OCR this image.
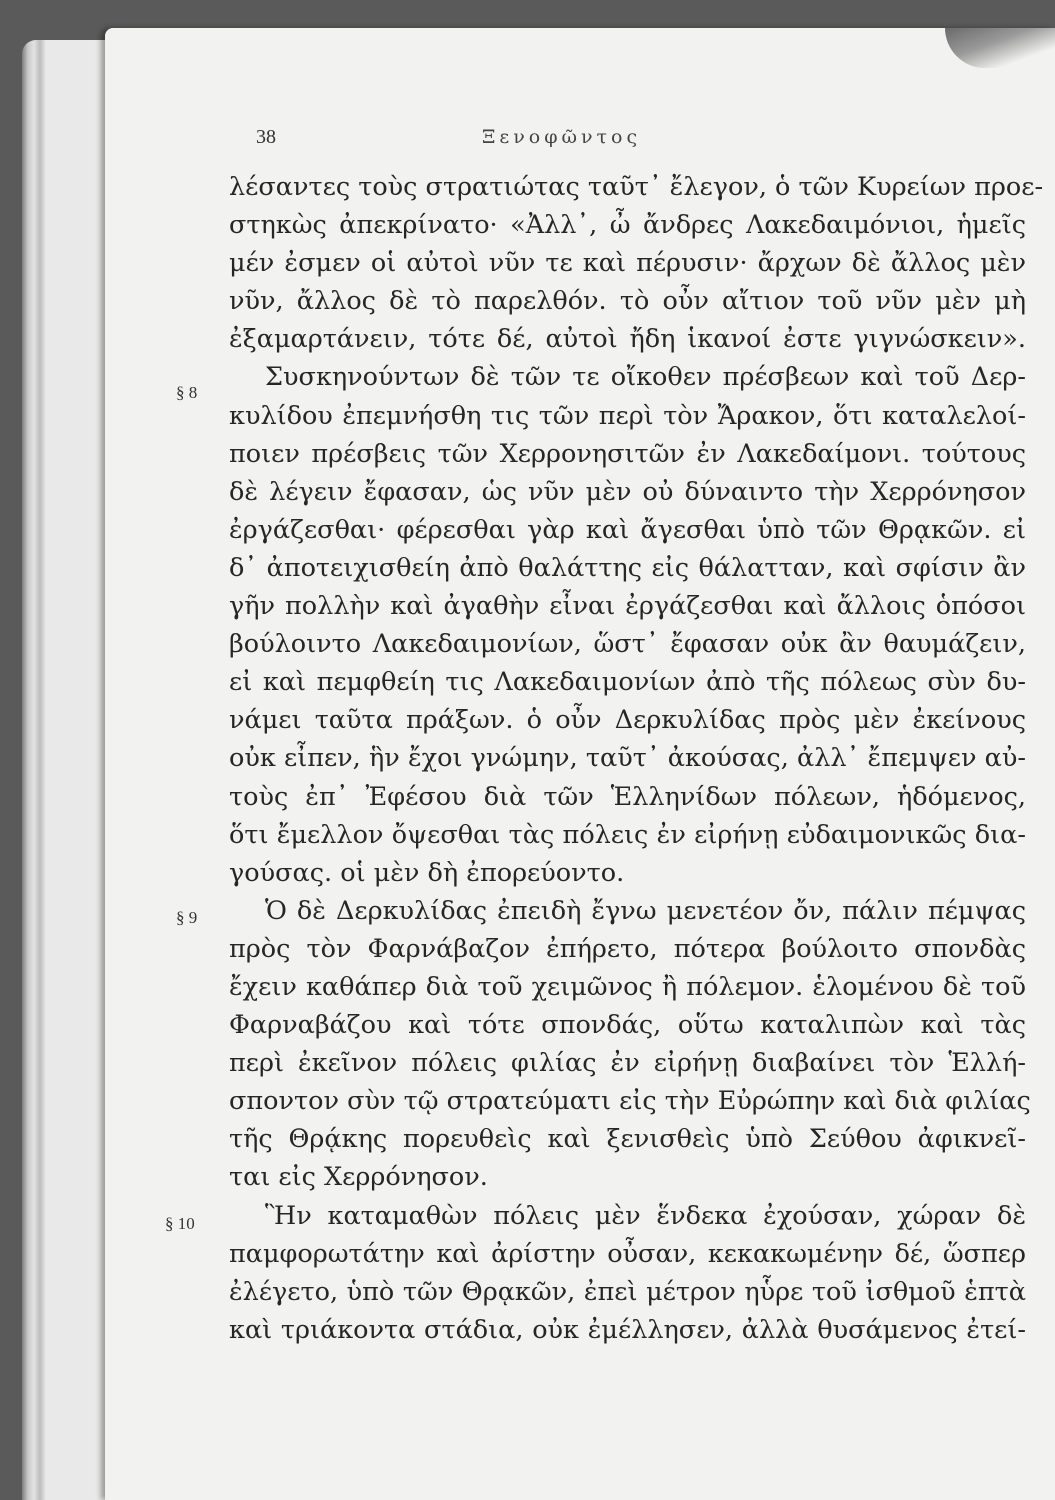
38	Ξενοφῶντος
§ 8
§ 9
§ 10
λέσαντες τοὺς στρατιώτας ταῦτ᾽ ἔλεγον, ὁ τῶν Κυρείων προε-
στηκὼς ἀπεκρίνατο· «Ἀλλ᾽, ὦ ἄνδρες Λακεδαιμόνιοι, ἡμεῖς
μέν ἐσμεν οἱ αὐτοὶ νῦν τε καὶ πέρυσιν· ἄρχων δὲ ἄλλος μὲν
νῦν, ἄλλος δὲ τὸ παρελθόν. τὸ οὖν αἴτιον τοῦ νῦν μὲν μὴ
ἐξαμαρτάνειν, τότε δέ, αὐτοὶ ἤδη ἱκανοί ἐστε γιγνώσκειν».
Συσκηνούντων δὲ τῶν τε οἴκοθεν πρέσβεων καὶ τοῦ Δερ-
κυλίδου ἐπεμνήσθη τις τῶν περὶ τὸν Ἄρακον, ὅτι καταλελοί-
ποιεν πρέσβεις τῶν Χερρονησιτῶν ἐν Λακεδαίμονι. τούτους
δὲ λέγειν ἔφασαν, ὡς νῦν μὲν οὐ δύναιντο τὴν Χερρόνησον
ἐργάζεσθαι· φέρεσθαι γὰρ καὶ ἄγεσθαι ὑπὸ τῶν Θρᾳκῶν. εἰ
δ᾽ ἀποτειχισθείη ἀπὸ θαλάττης εἰς θάλατταν, καὶ σφίσιν ἂν
γῆν πολλὴν καὶ ἀγαθὴν εἶναι ἐργάζεσθαι καὶ ἄλλοις ὁπόσοι
βούλοιντο Λακεδαιμονίων, ὥστ᾽ ἔφασαν οὐκ ἂν θαυμάζειν,
εἰ καὶ πεμφθείη τις Λακεδαιμονίων ἀπὸ τῆς πόλεως σὺν δυ-
νάμει ταῦτα πράξων. ὁ οὖν Δερκυλίδας πρὸς μὲν ἐκείνους
οὐκ εἶπεν, ἣν ἔχοι γνώμην, ταῦτ᾽ ἀκούσας, ἀλλ᾽ ἔπεμψεν αὐ-
τοὺς ἐπ᾽ Ἐφέσου διὰ τῶν Ἑλληνίδων πόλεων, ἡδόμενος,
ὅτι ἔμελλον ὄψεσθαι τὰς πόλεις ἐν εἰρήνῃ εὐδαιμονικῶς δια-
γούσας. οἱ μὲν δὴ ἐπορεύοντο.
Ὁ δὲ Δερκυλίδας ἐπειδὴ ἔγνω μενετέον ὄν, πάλιν πέμψας
πρὸς τὸν Φαρνάβαζον ἐπήρετο, πότερα βούλοιτο σπονδὰς
ἔχειν καθάπερ διὰ τοῦ χειμῶνος ἢ πόλεμον. ἑλομένου δὲ τοῦ
Φαρναβάζου καὶ τότε σπονδάς, οὕτω καταλιπὼν καὶ τὰς
περὶ ἐκεῖνον πόλεις φιλίας ἐν εἰρήνῃ διαβαίνει τὸν Ἑλλή-
σποντον σὺν τῷ στρατεύματι εἰς τὴν Εὐρώπην καὶ διὰ φιλίας
τῆς Θρᾴκης πορευθεὶς καὶ ξενισθεὶς ὑπὸ Σεύθου ἀφικνεῖ-
ται εἰς Χερρόνησον.
Ἣν καταμαθὼν πόλεις μὲν ἕνδεκα ἐχούσαν, χώραν δὲ
παμφορωτάτην καὶ ἀρίστην οὖσαν, κεκακωμένην δέ, ὥσπερ
ἐλέγετο, ὑπὸ τῶν Θρᾳκῶν, ἐπεὶ μέτρον ηὗρε τοῦ ἰσθμοῦ ἑπτὰ
καὶ τριάκοντα στάδια, οὐκ ἐμέλλησεν, ἀλλὰ θυσάμενος ἐτεί-
